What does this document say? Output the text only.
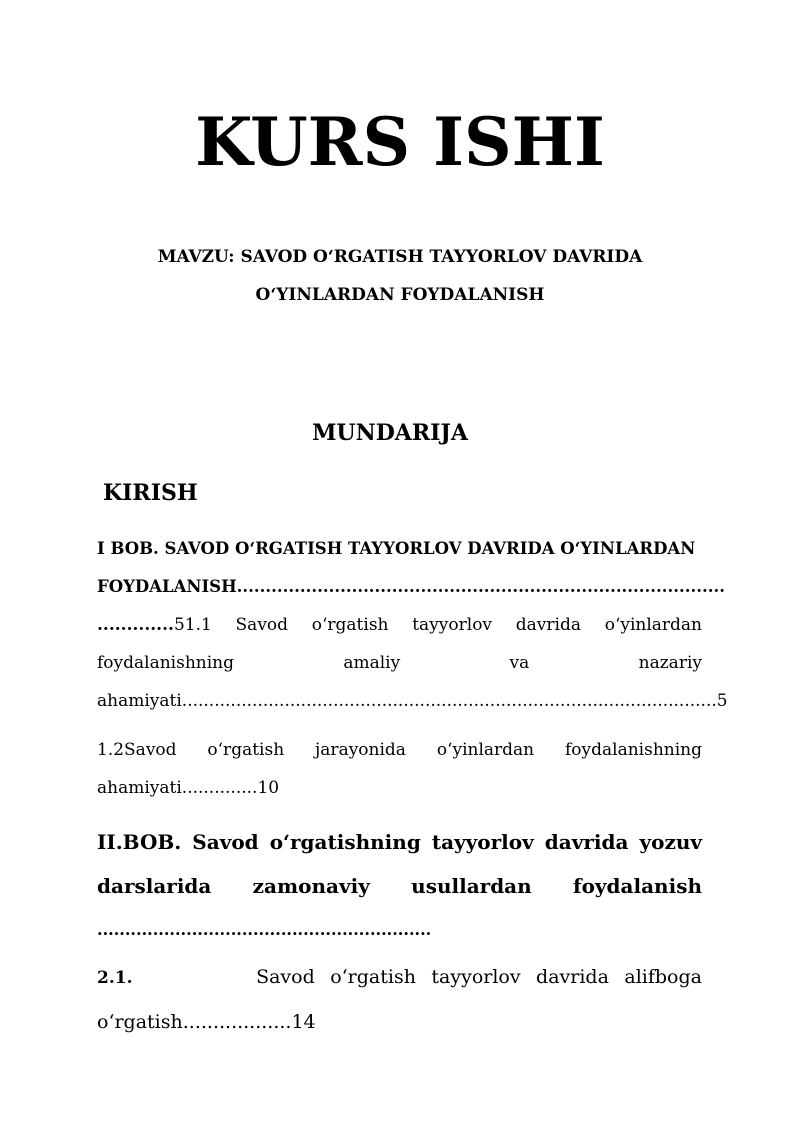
KURS ISHI
MAVZU: SAVOD O‘RGATISH TAYYORLOV DAVRIDA
O‘YINLARDAN FOYDALANISH
MUNDARIJA
KIRISH
I BOB. SAVOD O‘RGATISH TAYYORLOV DAVRIDA O‘YINLARDAN
FOYDALANISH.....................................................................................
.............51.1 Savod o‘rgatish tayyorlov davrida o‘yinlardan
foydalanishning amaliy va nazariy
ahamiyati...................................................................................................5
1.2Savod o‘rgatish jarayonida o‘yinlardan foydalanishning
ahamiyati..............10
II.BOB. Savod o‘rgatishning tayyorlov davrida yozuv
darslarida zamonaviy usullardan foydalanish
............................................................
2.1.	Savod o‘rgatish tayyorlov davrida alifboga
o‘rgatish..................14
